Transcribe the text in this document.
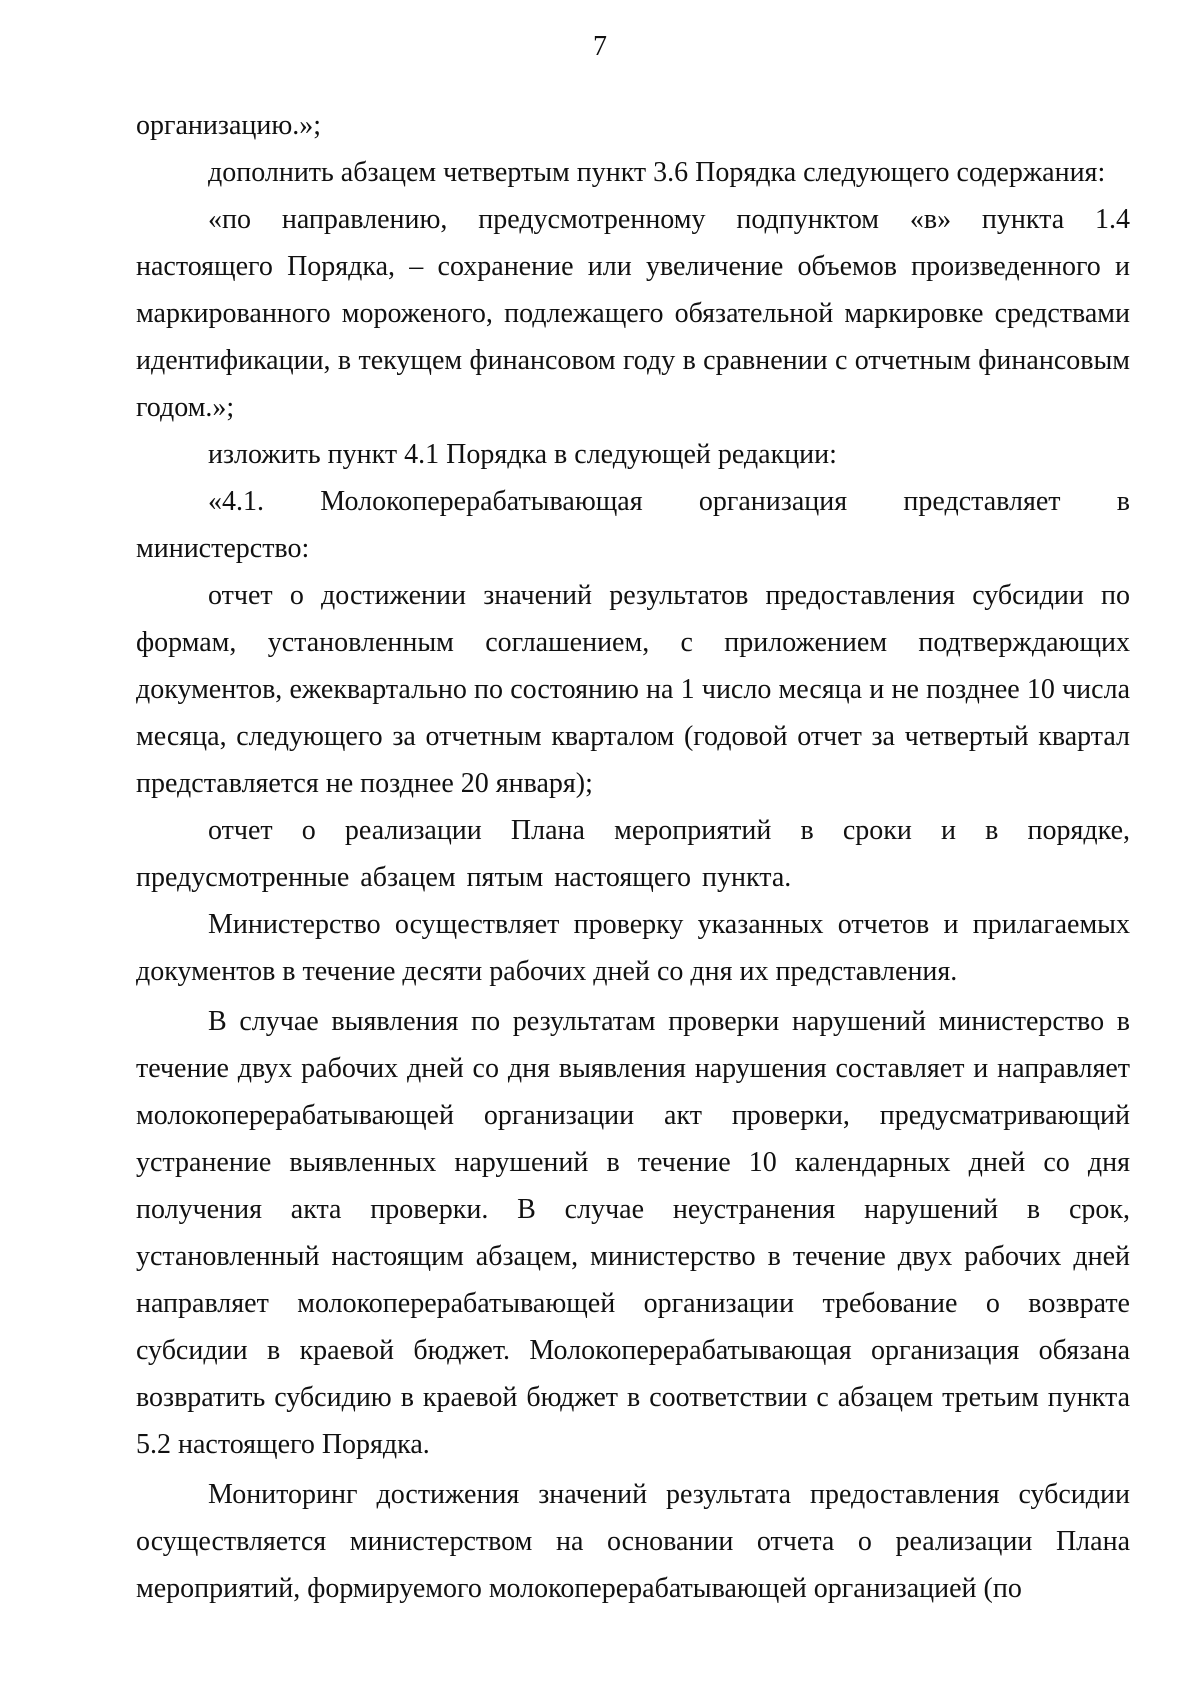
7

организацию.»;

дополнить абзацем четвертым пункт 3.6 Порядка следующего содержания:

«по направлению, предусмотренному подпунктом «в» пункта 1.4 настоящего Порядка, – сохранение или увеличение объемов произведенного и маркированного мороженого, подлежащего обязательной маркировке средствами идентификации, в текущем финансовом году в сравнении с отчетным финансовым годом.»;

изложить пункт 4.1 Порядка в следующей редакции:

«4.1. Молокоперерабатывающая организация представляет в министерство:

отчет о достижении значений результатов предоставления субсидии по формам, установленным соглашением, с приложением подтверждающих документов, ежеквартально по состоянию на 1 число месяца и не позднее 10 числа месяца, следующего за отчетным кварталом (годовой отчет за четвертый квартал представляется не позднее 20 января);

отчет о реализации Плана мероприятий в сроки и в порядке, предусмотренные абзацем пятым настоящего пункта.

Министерство осуществляет проверку указанных отчетов и прилагаемых документов в течение десяти рабочих дней со дня их представления.

В случае выявления по результатам проверки нарушений министерство в течение двух рабочих дней со дня выявления нарушения составляет и направляет молокоперерабатывающей организации акт проверки, предусматривающий устранение выявленных нарушений в течение 10 календарных дней со дня получения акта проверки. В случае неустранения нарушений в срок, установленный настоящим абзацем, министерство в течение двух рабочих дней направляет молокоперерабатывающей организации требование о возврате субсидии в краевой бюджет. Молокоперерабатывающая организация обязана возвратить субсидию в краевой бюджет в соответствии с абзацем третьим пункта 5.2 настоящего Порядка.

Мониторинг достижения значений результата предоставления субсидии осуществляется министерством на основании отчета о реализации Плана мероприятий, формируемого молокоперерабатывающей организацией (по
